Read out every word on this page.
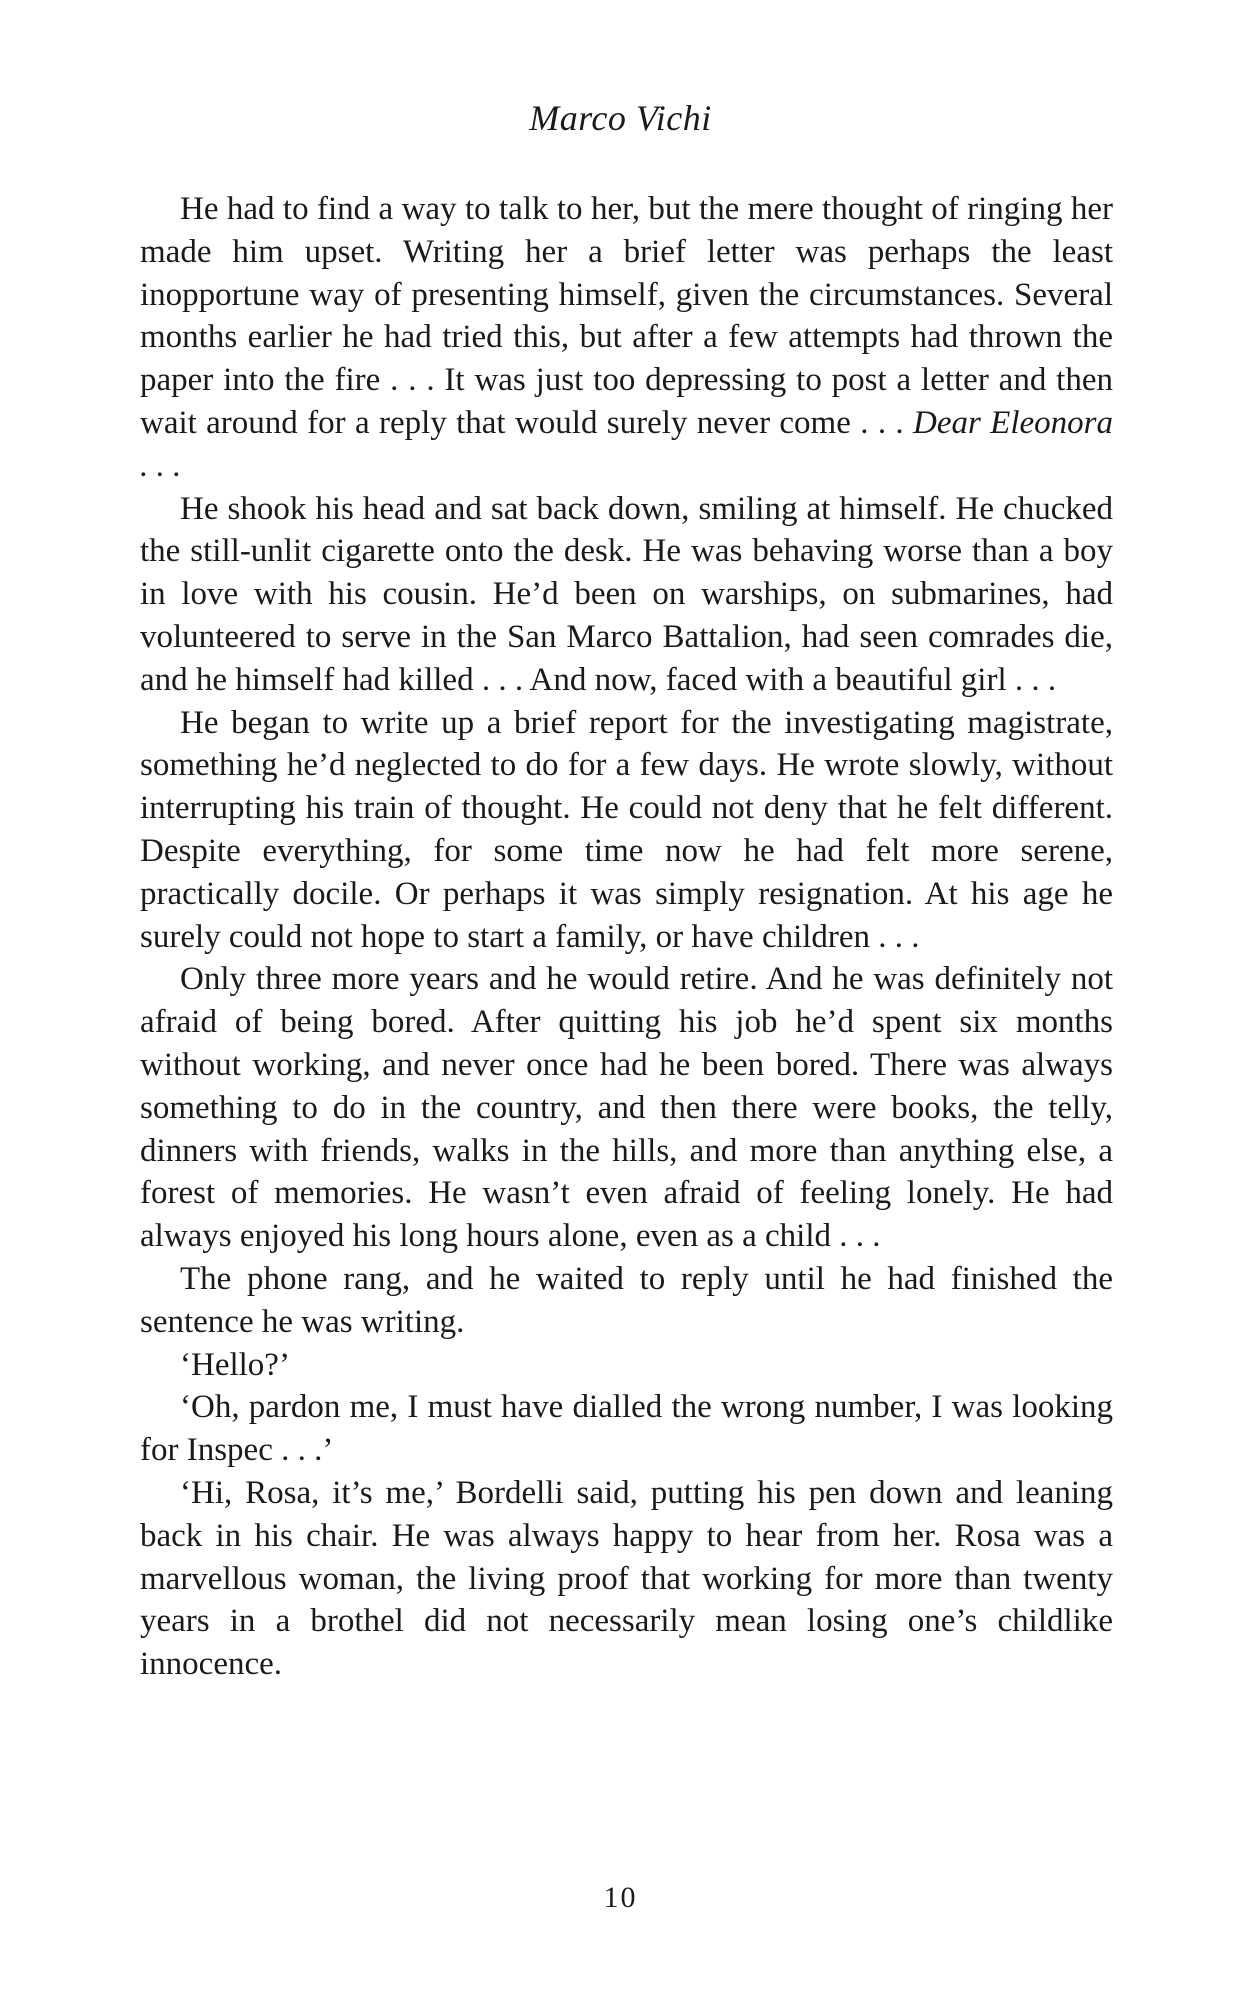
Marco Vichi

He had to find a way to talk to her, but the mere thought of ringing her made him upset. Writing her a brief letter was perhaps the least inopportune way of presenting himself, given the circumstances. Several months earlier he had tried this, but after a few attempts had thrown the paper into the fire . . . It was just too depressing to post a letter and then wait around for a reply that would surely never come . . . Dear Eleonora . . .

He shook his head and sat back down, smiling at himself. He chucked the still-unlit cigarette onto the desk. He was behaving worse than a boy in love with his cousin. He’d been on warships, on submarines, had volunteered to serve in the San Marco Battalion, had seen comrades die, and he himself had killed . . . And now, faced with a beautiful girl . . .

He began to write up a brief report for the investigating magistrate, something he’d neglected to do for a few days. He wrote slowly, without interrupting his train of thought. He could not deny that he felt different. Despite everything, for some time now he had felt more serene, practically docile. Or perhaps it was simply resignation. At his age he surely could not hope to start a family, or have children . . .

Only three more years and he would retire. And he was definitely not afraid of being bored. After quitting his job he’d spent six months without working, and never once had he been bored. There was always something to do in the country, and then there were books, the telly, dinners with friends, walks in the hills, and more than anything else, a forest of memories. He wasn’t even afraid of feeling lonely. He had always enjoyed his long hours alone, even as a child . . .

The phone rang, and he waited to reply until he had finished the sentence he was writing.

‘Hello?’

‘Oh, pardon me, I must have dialled the wrong number, I was looking for Inspec . . .’

‘Hi, Rosa, it’s me,’ Bordelli said, putting his pen down and leaning back in his chair. He was always happy to hear from her. Rosa was a marvellous woman, the living proof that working for more than twenty years in a brothel did not necessarily mean losing one’s childlike innocence.

10
